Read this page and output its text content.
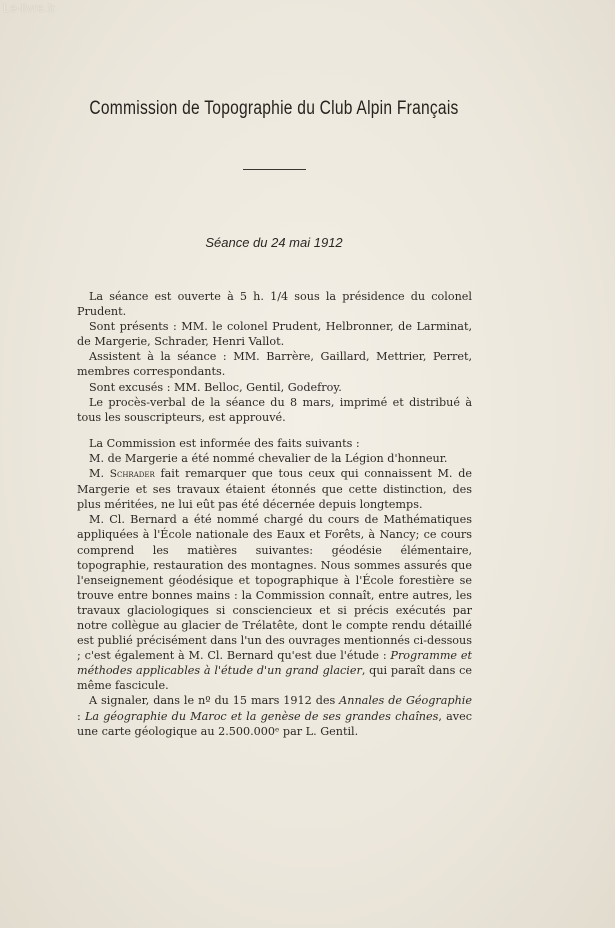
Le-livre.fr
Commission de Topographie du Club Alpin Français
Séance du 24 mai 1912

La séance est ouverte à 5 h. 1/4 sous la présidence du colonel Prudent.

Sont présents : MM. le colonel Prudent, Helbronner, de Larminat, de Margerie, Schrader, Henri Vallot.

Assistent à la séance : MM. Barrère, Gaillard, Mettrier, Perret, membres correspondants.

Sont excusés : MM. Belloc, Gentil, Godefroy.

Le procès-verbal de la séance du 8 mars, imprimé et distribué à tous les souscripteurs, est approuvé.

La Commission est informée des faits suivants :

M. de Margerie a été nommé chevalier de la Légion d'honneur.

M. Schrader fait remarquer que tous ceux qui connaissent M. de Margerie et ses travaux étaient étonnés que cette distinction, des plus méritées, ne lui eût pas été décernée depuis longtemps.

M. Cl. Bernard a été nommé chargé du cours de Mathématiques appliquées à l'École nationale des Eaux et Forêts, à Nancy; ce cours comprend les matières suivantes: géodésie élémentaire, topographie, restauration des montagnes. Nous sommes assurés que l'enseignement géodésique et topographique à l'École forestière se trouve entre bonnes mains : la Commission connaît, entre autres, les travaux glaciologiques si consciencieux et si précis exécutés par notre collègue au glacier de Trélatête, dont le compte rendu détaillé est publié précisément dans l'un des ouvrages mentionnés ci-dessous ; c'est également à M. Cl. Bernard qu'est due l'étude : Programme et méthodes applicables à l'étude d'un grand glacier, qui paraît dans ce même fascicule.

A signaler, dans le nº du 15 mars 1912 des Annales de Géographie : La géographie du Maroc et la genèse de ses grandes chaînes, avec une carte géologique au 2.500.000ᵉ par L. Gentil.
